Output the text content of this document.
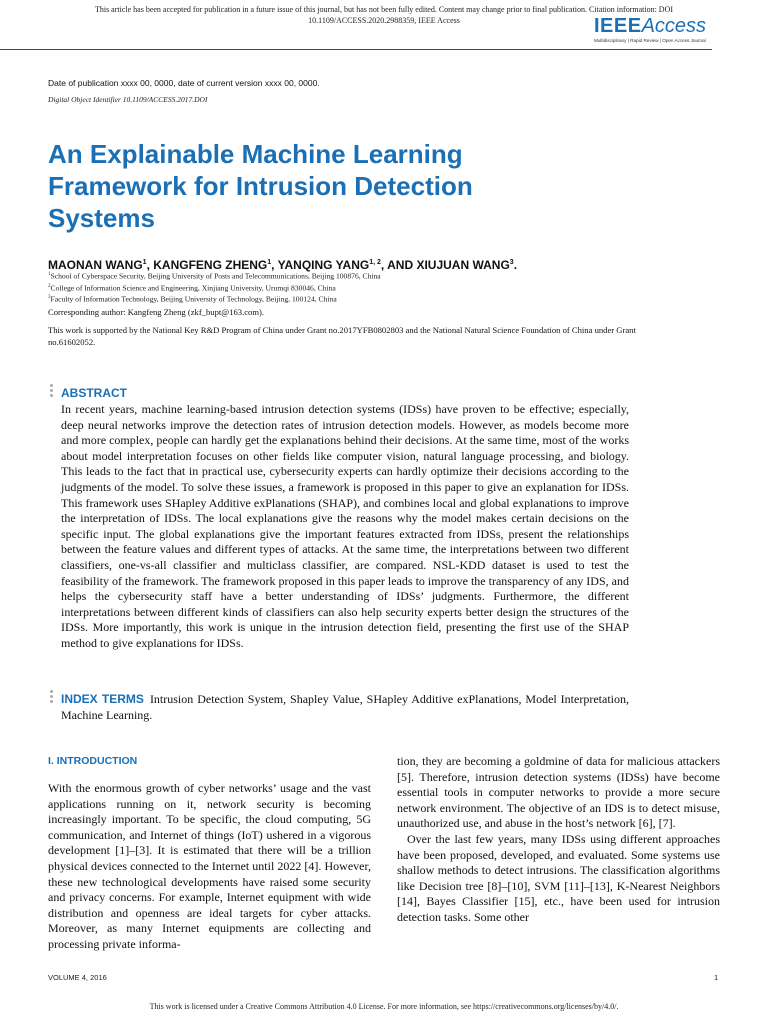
This article has been accepted for publication in a future issue of this journal, but has not been fully edited. Content may change prior to final publication. Citation information: DOI
10.1109/ACCESS.2020.2988359, IEEE Access	IEEEAccess
Multidisciplinary | Rapid Review | Open Access Journal
Date of publication xxxx 00, 0000, date of current version xxxx 00, 0000.
Digital Object Identifier 10.1109/ACCESS.2017.DOI
An Explainable Machine Learning
Framework for Intrusion Detection
Systems
MAONAN WANG$^1$, KANGFENG ZHENG$^1$, YANQING YANG$^{1, 2}$, AND XIUJUAN WANG$^3$.
$^1$School of Cyberspace Security, Beijing University of Posts and Telecommunications, Beijing 100876, China
$^2$College of Information Science and Engineering, Xinjiang University, Urumqi 830046, China
$^3$Faculty of Information Technology, Beijing University of Technology, Beijing, 100124, China
Corresponding author: Kangfeng Zheng (zkf_bupt@163.com).
This work is supported by the National Key R&D Program of China under Grant no.2017YFB0802803 and the National Natural Science Foundation of China under Grant no.61602052.
ABSTRACT
In recent years, machine learning-based intrusion detection systems (IDSs) have proven to be effective; especially, deep neural networks improve the detection rates of intrusion detection models. However, as models become more and more complex, people can hardly get the explanations behind their decisions. At the same time, most of the works about model interpretation focuses on other fields like computer vision, natural language processing, and biology. This leads to the fact that in practical use, cybersecurity experts can hardly optimize their decisions according to the judgments of the model. To solve these issues, a framework is proposed in this paper to give an explanation for IDSs. This framework uses SHapley Additive exPlanations (SHAP), and combines local and global explanations to improve the interpretation of IDSs. The local explanations give the reasons why the model makes certain decisions on the specific input. The global explanations give the important features extracted from IDSs, present the relationships between the feature values and different types of attacks. At the same time, the interpretations between two different classifiers, one-vs-all classifier and multiclass classifier, are compared. NSL-KDD dataset is used to test the feasibility of the framework. The framework proposed in this paper leads to improve the transparency of any IDS, and helps the cybersecurity staff have a better understanding of IDSs’ judgments. Furthermore, the different interpretations between different kinds of classifiers can also help security experts better design the structures of the IDSs. More importantly, this work is unique in the intrusion detection field, presenting the first use of the SHAP method to give explanations for IDSs.
INDEX TERMS Intrusion Detection System, Shapley Value, SHapley Additive exPlanations, Model Interpretation, Machine Learning.
I. INTRODUCTION

With the enormous growth of cyber networks’ usage and the vast applications running on it, network security is becoming increasingly important. To be specific, the cloud computing, 5G communication, and Internet of things (IoT) ushered in a vigorous development [1]–[3]. It is estimated that there will be a trillion physical devices connected to the Internet until 2022 [4]. However, these new technological developments have raised some security and privacy concerns. For example, Internet equipment with wide distribution and openness are ideal targets for cyber attacks. Moreover, as many Internet equipments are collecting and processing private informa-

tion, they are becoming a goldmine of data for malicious attackers [5]. Therefore, intrusion detection systems (IDSs) have become essential tools in computer networks to provide a more secure network environment. The objective of an IDS is to detect misuse, unauthorized use, and abuse in the host’s network [6], [7].

Over the last few years, many IDSs using different approaches have been proposed, developed, and evaluated. Some systems use shallow methods to detect intrusions. The classification algorithms like Decision tree [8]–[10], SVM [11]–[13], K-Nearest Neighbors [14], Bayes Classifier [15], etc., have been used for intrusion detection tasks. Some other

VOLUME 4, 2016	1
This work is licensed under a Creative Commons Attribution 4.0 License. For more information, see https://creativecommons.org/licenses/by/4.0/.
